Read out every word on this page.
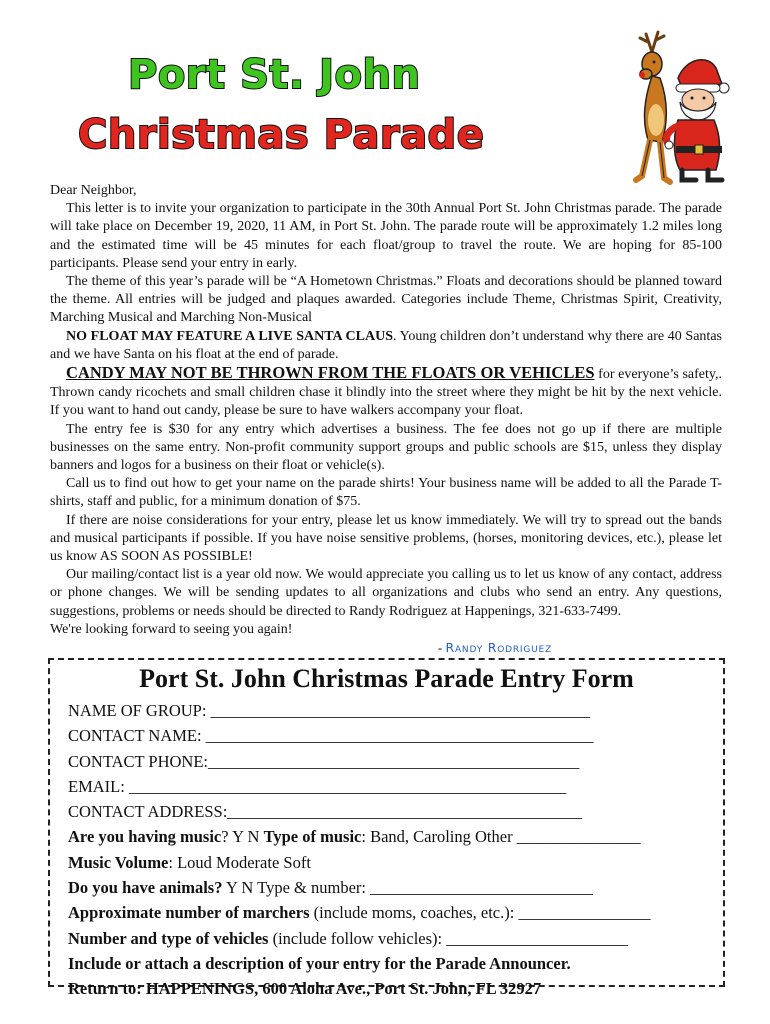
Port St. John
Christmas Parade

Dear Neighbor,

This letter is to invite your organization to participate in the 30th Annual Port St. John Christmas parade. The parade will take place on December 19, 2020, 11 AM, in Port St. John. The parade route will be approximately 1.2 miles long and the estimated time will be 45 minutes for each float/group to travel the route. We are hoping for 85-100 participants. Please send your entry in early.

The theme of this year’s parade will be “A Hometown Christmas.” Floats and decorations should be planned toward the theme. All entries will be judged and plaques awarded. Categories include Theme, Christmas Spirit, Creativity, Marching Musical and Marching Non-Musical

NO FLOAT MAY FEATURE A LIVE SANTA CLAUS. Young children don’t understand why there are 40 Santas and we have Santa on his float at the end of parade.

CANDY MAY NOT BE THROWN FROM THE FLOATS OR VEHICLES for everyone’s safety,. Thrown candy ricochets and small children chase it blindly into the street where they might be hit by the next vehicle. If you want to hand out candy, please be sure to have walkers accompany your float.

The entry fee is $30 for any entry which advertises a business. The fee does not go up if there are multiple businesses on the same entry. Non-profit community support groups and public schools are $15, unless they display banners and logos for a business on their float or vehicle(s).

Call us to find out how to get your name on the parade shirts! Your business name will be added to all the Parade T-shirts, staff and public, for a minimum donation of $75.

If there are noise considerations for your entry, please let us know immediately. We will try to spread out the bands and musical participants if possible. If you have noise sensitive problems, (horses, monitoring devices, etc.), please let us know AS SOON AS POSSIBLE!

Our mailing/contact list is a year old now. We would appreciate you calling us to let us know of any contact, address or phone changes. We will be sending updates to all organizations and clubs who send an entry. Any questions, suggestions, problems or needs should be directed to Randy Rodriguez at Happenings, 321-633-7499.

We're looking forward to seeing you again!

- Randy Rodriguez
Port St. John Christmas Parade Entry Form
NAME OF GROUP: ______________________________________________
CONTACT NAME: _______________________________________________
CONTACT PHONE:_____________________________________________
EMAIL: _____________________________________________________
CONTACT ADDRESS:___________________________________________
Are you having music? Y N Type of music: Band, Caroling Other _______________
Music Volume: Loud Moderate Soft
Do you have animals? Y N Type & number: ___________________________
Approximate number of marchers (include moms, coaches, etc.): ________________
Number and type of vehicles (include follow vehicles): ______________________
Include or attach a description of your entry for the Parade Announcer.
Return to: HAPPENINGS, 600 Aloha Ave., Port St. John, FL 32927
